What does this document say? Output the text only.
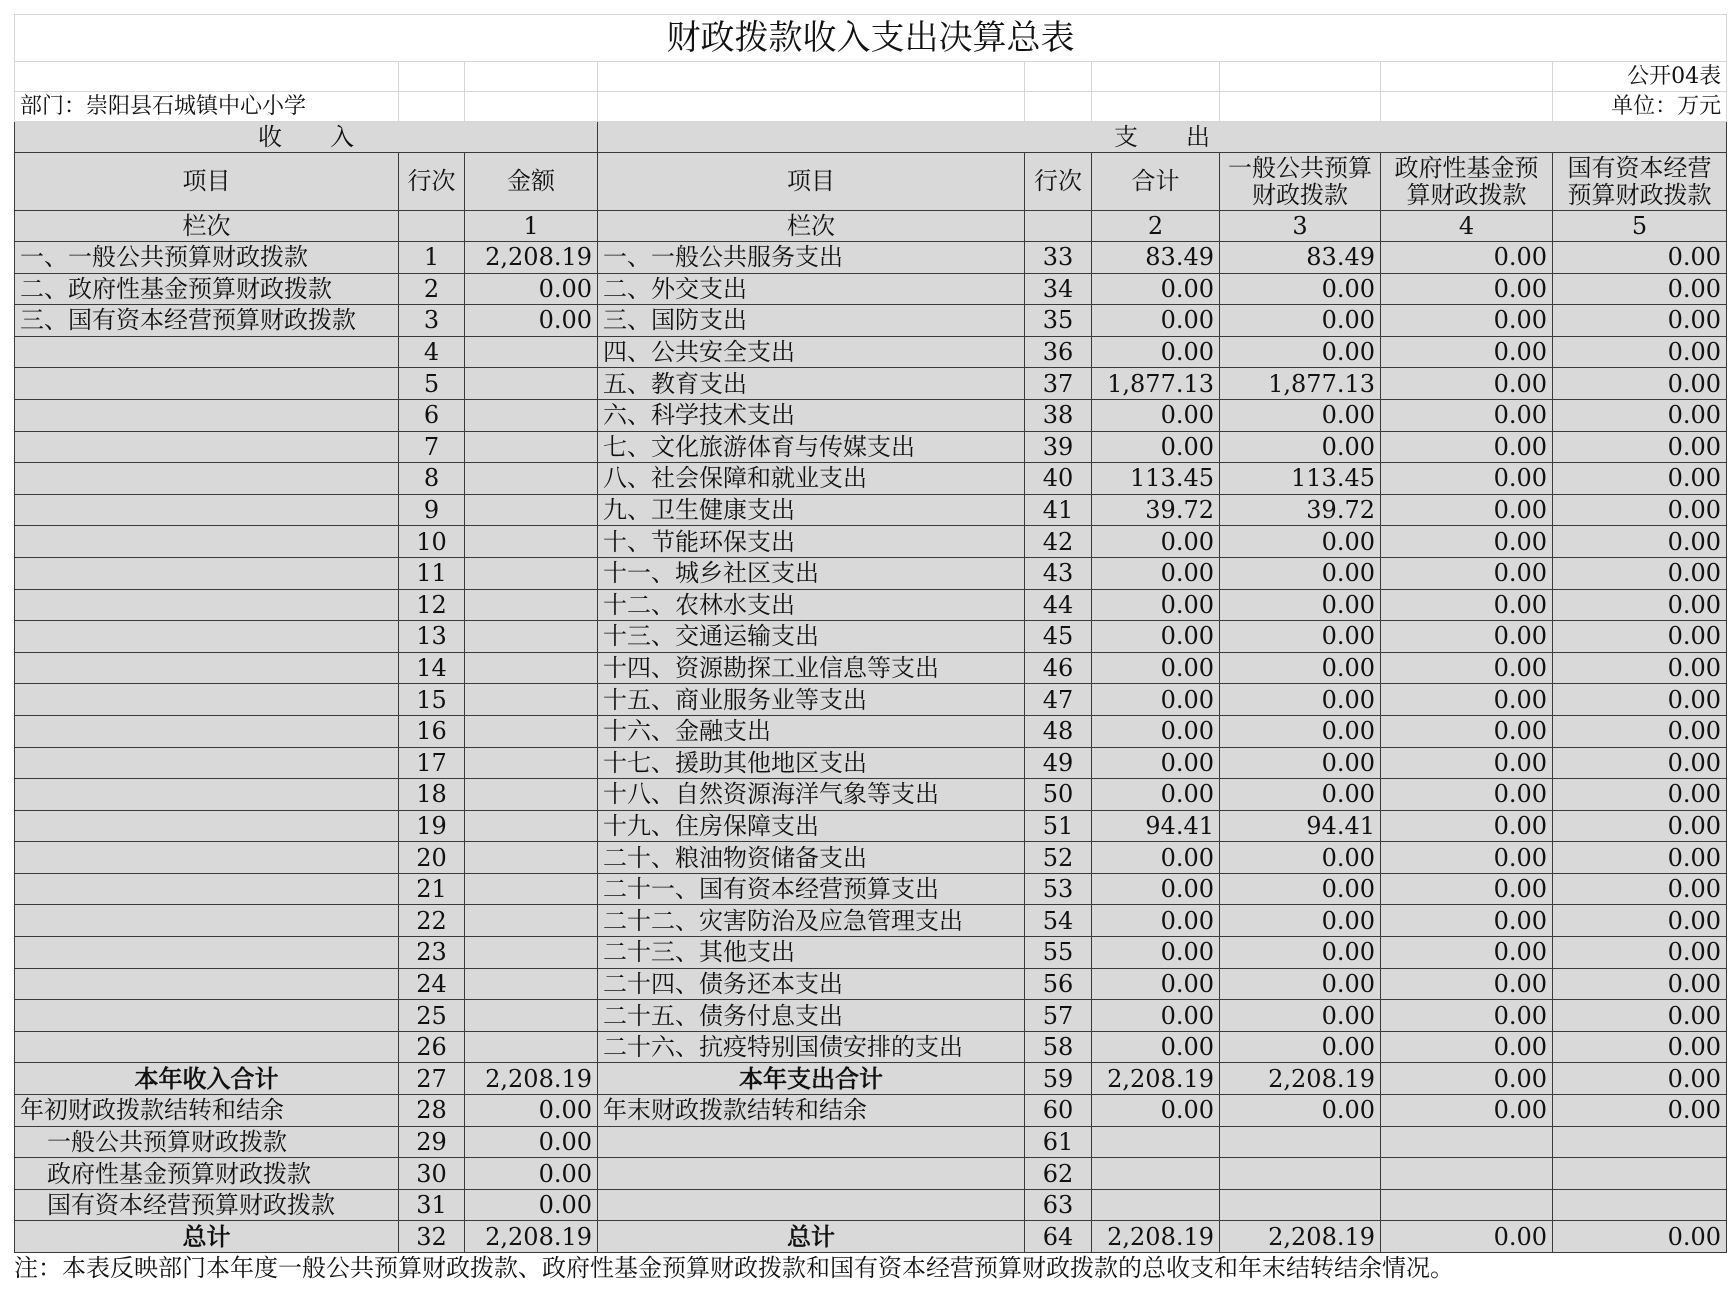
财政拨款收入支出决算总表								
								公开04表
部门：崇阳县石城镇中心小学								单位：万元
收　　入			支　　出					
项目	行次	金额	项目	行次	合计	一般公共预算财政拨款	政府性基金预算财政拨款	国有资本经营预算财政拨款
栏次		1	栏次		2	3	4	5
一、一般公共预算财政拨款	1	2,208.19	一、一般公共服务支出	33	83.49	83.49	0.00	0.00
二、政府性基金预算财政拨款	2	0.00	二、外交支出	34	0.00	0.00	0.00	0.00
三、国有资本经营预算财政拨款	3	0.00	三、国防支出	35	0.00	0.00	0.00	0.00
	4		四、公共安全支出	36	0.00	0.00	0.00	0.00
	5		五、教育支出	37	1,877.13	1,877.13	0.00	0.00
	6		六、科学技术支出	38	0.00	0.00	0.00	0.00
	7		七、文化旅游体育与传媒支出	39	0.00	0.00	0.00	0.00
	8		八、社会保障和就业支出	40	113.45	113.45	0.00	0.00
	9		九、卫生健康支出	41	39.72	39.72	0.00	0.00
	10		十、节能环保支出	42	0.00	0.00	0.00	0.00
	11		十一、城乡社区支出	43	0.00	0.00	0.00	0.00
	12		十二、农林水支出	44	0.00	0.00	0.00	0.00
	13		十三、交通运输支出	45	0.00	0.00	0.00	0.00
	14		十四、资源勘探工业信息等支出	46	0.00	0.00	0.00	0.00
	15		十五、商业服务业等支出	47	0.00	0.00	0.00	0.00
	16		十六、金融支出	48	0.00	0.00	0.00	0.00
	17		十七、援助其他地区支出	49	0.00	0.00	0.00	0.00
	18		十八、自然资源海洋气象等支出	50	0.00	0.00	0.00	0.00
	19		十九、住房保障支出	51	94.41	94.41	0.00	0.00
	20		二十、粮油物资储备支出	52	0.00	0.00	0.00	0.00
	21		二十一、国有资本经营预算支出	53	0.00	0.00	0.00	0.00
	22		二十二、灾害防治及应急管理支出	54	0.00	0.00	0.00	0.00
	23		二十三、其他支出	55	0.00	0.00	0.00	0.00
	24		二十四、债务还本支出	56	0.00	0.00	0.00	0.00
	25		二十五、债务付息支出	57	0.00	0.00	0.00	0.00
	26		二十六、抗疫特别国债安排的支出	58	0.00	0.00	0.00	0.00
本年收入合计	27	2,208.19	本年支出合计	59	2,208.19	2,208.19	0.00	0.00
年初财政拨款结转和结余	28	0.00	年末财政拨款结转和结余	60	0.00	0.00	0.00	0.00
一般公共预算财政拨款	29	0.00		61				
政府性基金预算财政拨款	30	0.00		62				
国有资本经营预算财政拨款	31	0.00		63				
总计	32	2,208.19	总计	64	2,208.19	2,208.19	0.00	0.00
注：本表反映部门本年度一般公共预算财政拨款、政府性基金预算财政拨款和国有资本经营预算财政拨款的总收支和年末结转结余情况。
